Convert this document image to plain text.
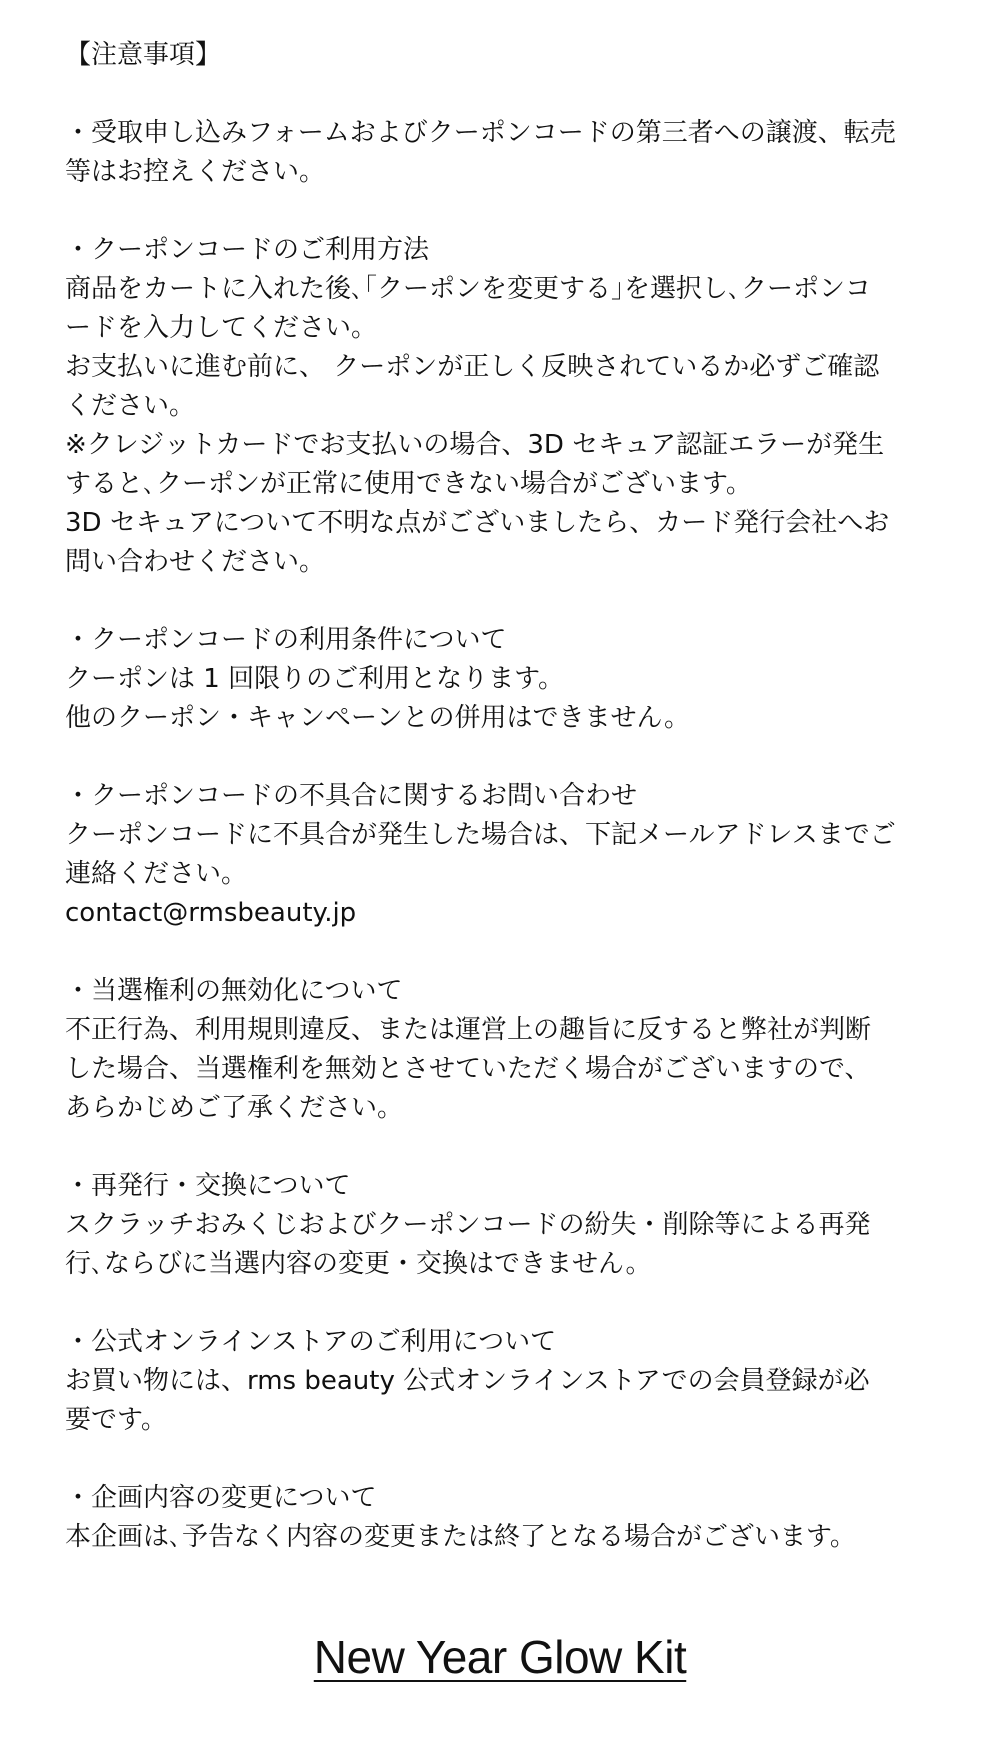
【注意事項】
・受取申し込みフォームおよびクーポンコードの第三者への譲渡、転売
等はお控えください。
・クーポンコードのご利用方法
商品をカートに入れた後､｢クーポンを変更する｣を選択し､クーポンコ
ードを入力してください。
お支払いに進む前に、 クーポンが正しく反映されているか必ずご確認
ください。
※クレジットカードでお支払いの場合、3D セキュア認証エラーが発生
すると､クーポンが正常に使用できない場合がございます。
3D セキュアについて不明な点がございましたら、カード発行会社へお
問い合わせください。
・クーポンコードの利用条件について
クーポンは 1 回限りのご利用となります。
他のクーポン・キャンペーンとの併用はできません。
・クーポンコードの不具合に関するお問い合わせ
クーポンコードに不具合が発生した場合は、下記メールアドレスまでご
連絡ください。
contact@rmsbeauty.jp
・当選権利の無効化について
不正行為、利用規則違反、または運営上の趣旨に反すると弊社が判断
した場合、当選権利を無効とさせていただく場合がございますので、
あらかじめご了承ください。
・再発行・交換について
スクラッチおみくじおよびクーポンコードの紛失・削除等による再発
行､ならびに当選内容の変更・交換はできません。
・公式オンラインストアのご利用について
お買い物には、rms beauty 公式オンラインストアでの会員登録が必
要です。
・企画内容の変更について
本企画は､予告なく内容の変更または終了となる場合がございます。
New Year Glow Kit
